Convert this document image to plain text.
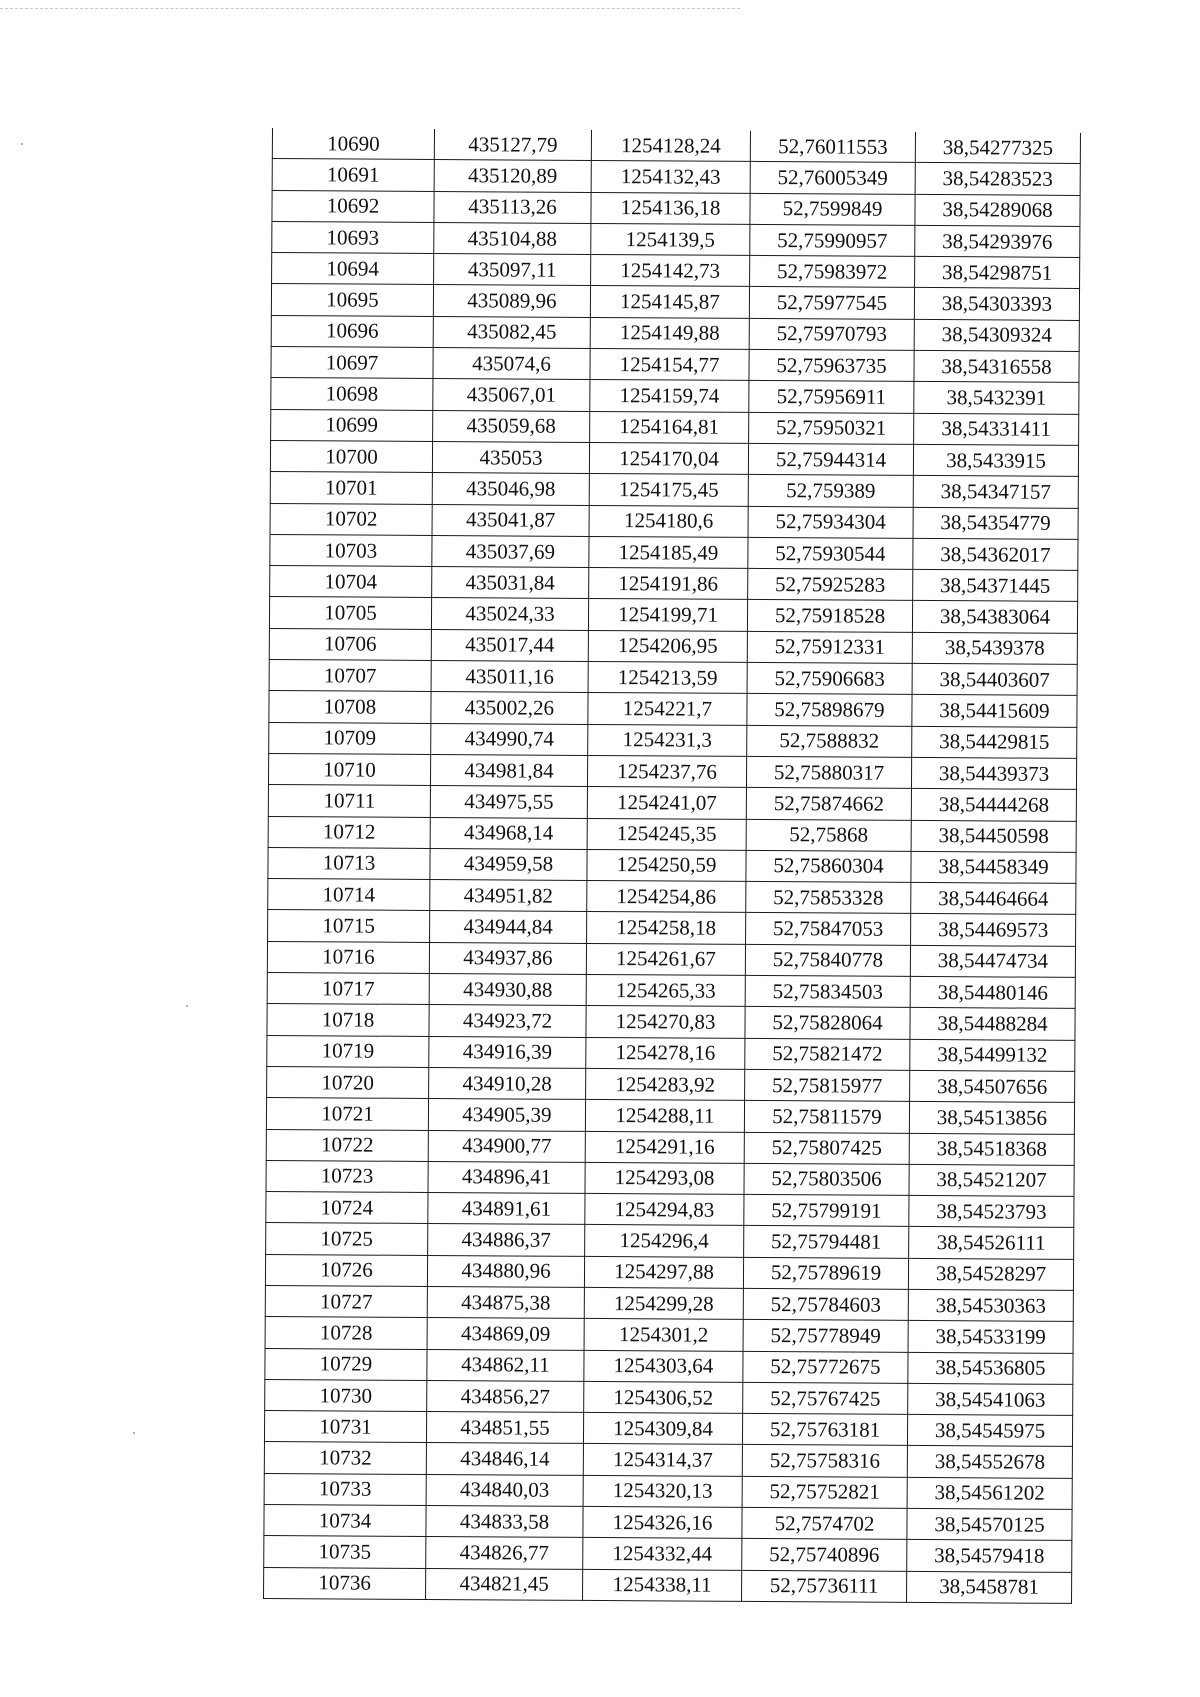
10690	435127,79	1254128,24	52,76011553	38,54277325
10691	435120,89	1254132,43	52,76005349	38,54283523
10692	435113,26	1254136,18	52,7599849	38,54289068
10693	435104,88	1254139,5	52,75990957	38,54293976
10694	435097,11	1254142,73	52,75983972	38,54298751
10695	435089,96	1254145,87	52,75977545	38,54303393
10696	435082,45	1254149,88	52,75970793	38,54309324
10697	435074,6	1254154,77	52,75963735	38,54316558
10698	435067,01	1254159,74	52,75956911	38,5432391
10699	435059,68	1254164,81	52,75950321	38,54331411
10700	435053	1254170,04	52,75944314	38,5433915
10701	435046,98	1254175,45	52,759389	38,54347157
10702	435041,87	1254180,6	52,75934304	38,54354779
10703	435037,69	1254185,49	52,75930544	38,54362017
10704	435031,84	1254191,86	52,75925283	38,54371445
10705	435024,33	1254199,71	52,75918528	38,54383064
10706	435017,44	1254206,95	52,75912331	38,5439378
10707	435011,16	1254213,59	52,75906683	38,54403607
10708	435002,26	1254221,7	52,75898679	38,54415609
10709	434990,74	1254231,3	52,7588832	38,54429815
10710	434981,84	1254237,76	52,75880317	38,54439373
10711	434975,55	1254241,07	52,75874662	38,54444268
10712	434968,14	1254245,35	52,75868	38,54450598
10713	434959,58	1254250,59	52,75860304	38,54458349
10714	434951,82	1254254,86	52,75853328	38,54464664
10715	434944,84	1254258,18	52,75847053	38,54469573
10716	434937,86	1254261,67	52,75840778	38,54474734
10717	434930,88	1254265,33	52,75834503	38,54480146
10718	434923,72	1254270,83	52,75828064	38,54488284
10719	434916,39	1254278,16	52,75821472	38,54499132
10720	434910,28	1254283,92	52,75815977	38,54507656
10721	434905,39	1254288,11	52,75811579	38,54513856
10722	434900,77	1254291,16	52,75807425	38,54518368
10723	434896,41	1254293,08	52,75803506	38,54521207
10724	434891,61	1254294,83	52,75799191	38,54523793
10725	434886,37	1254296,4	52,75794481	38,54526111
10726	434880,96	1254297,88	52,75789619	38,54528297
10727	434875,38	1254299,28	52,75784603	38,54530363
10728	434869,09	1254301,2	52,75778949	38,54533199
10729	434862,11	1254303,64	52,75772675	38,54536805
10730	434856,27	1254306,52	52,75767425	38,54541063
10731	434851,55	1254309,84	52,75763181	38,54545975
10732	434846,14	1254314,37	52,75758316	38,54552678
10733	434840,03	1254320,13	52,75752821	38,54561202
10734	434833,58	1254326,16	52,7574702	38,54570125
10735	434826,77	1254332,44	52,75740896	38,54579418
10736	434821,45	1254338,11	52,75736111	38,5458781
